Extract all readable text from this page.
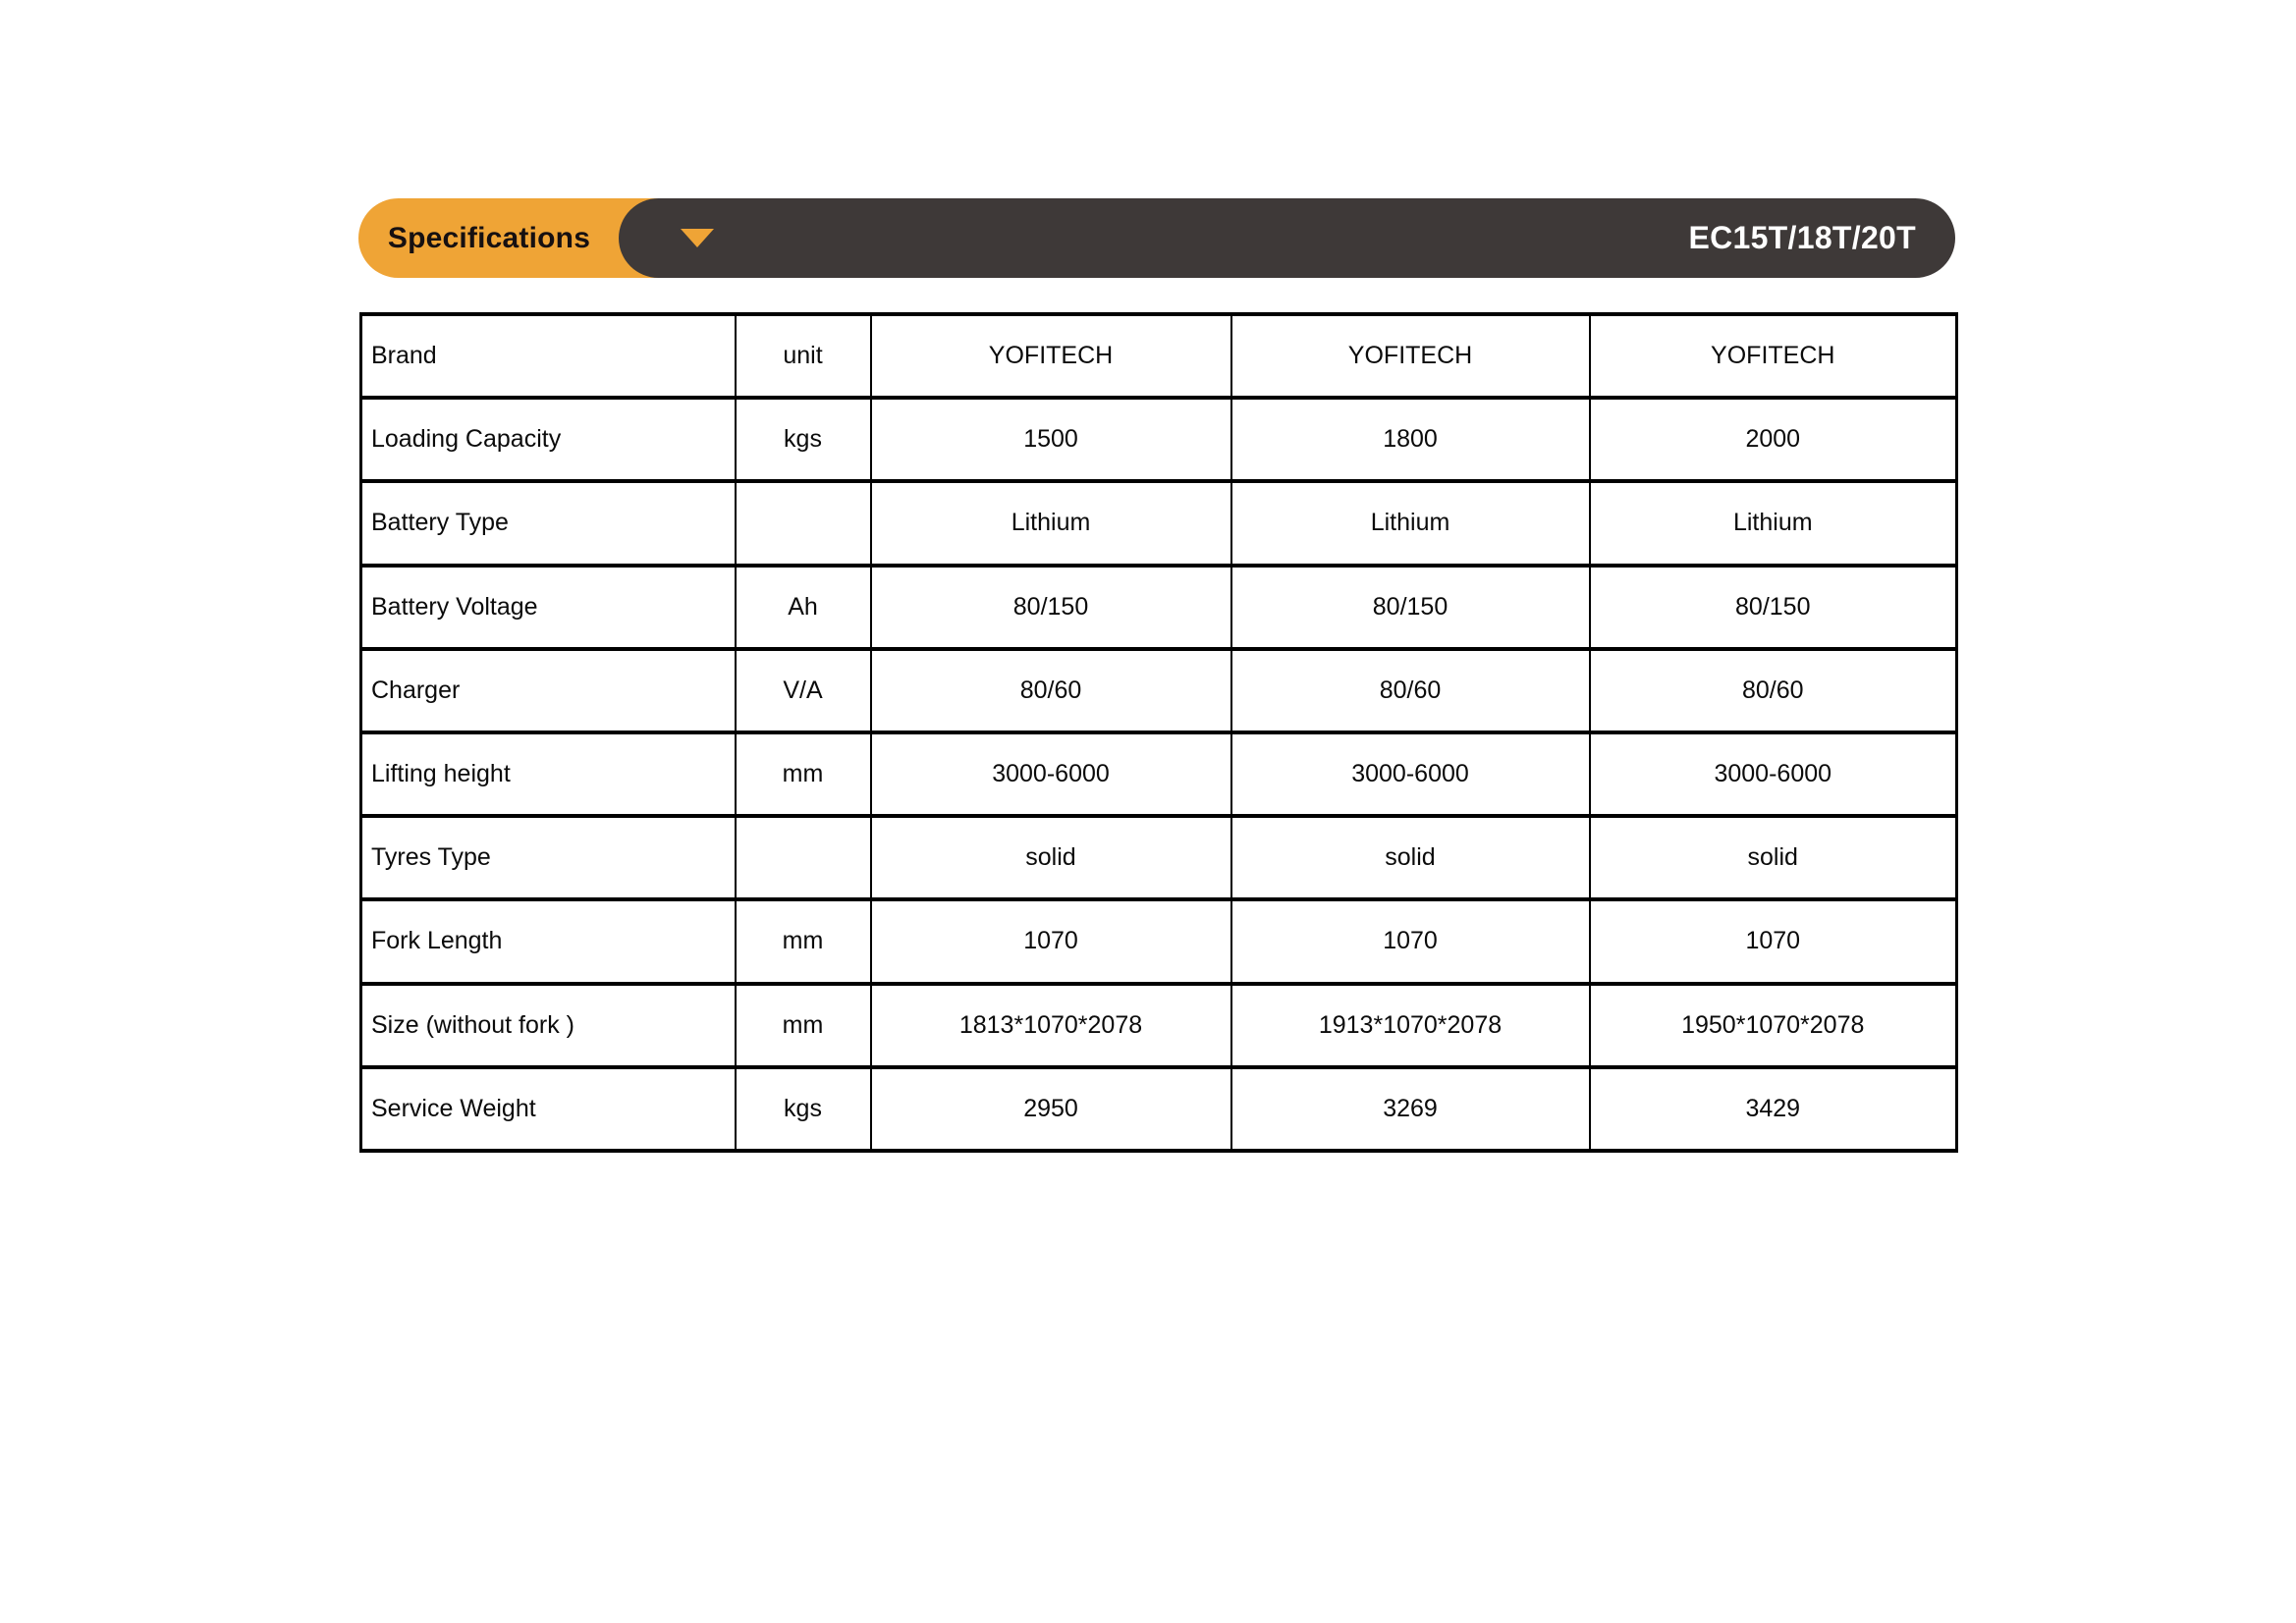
Specifications	EC15T/18T/20T
Brand	unit	YOFITECH	YOFITECH	YOFITECH
Loading Capacity	kgs	1500	1800	2000
Battery Type		Lithium	Lithium	Lithium
Battery Voltage	Ah	80/150	80/150	80/150
Charger	V/A	80/60	80/60	80/60
Lifting height	mm	3000-6000	3000-6000	3000-6000
Tyres Type		solid	solid	solid
Fork Length	mm	1070	1070	1070
Size (without fork )	mm	1813*1070*2078	1913*1070*2078	1950*1070*2078
Service Weight	kgs	2950	3269	3429
